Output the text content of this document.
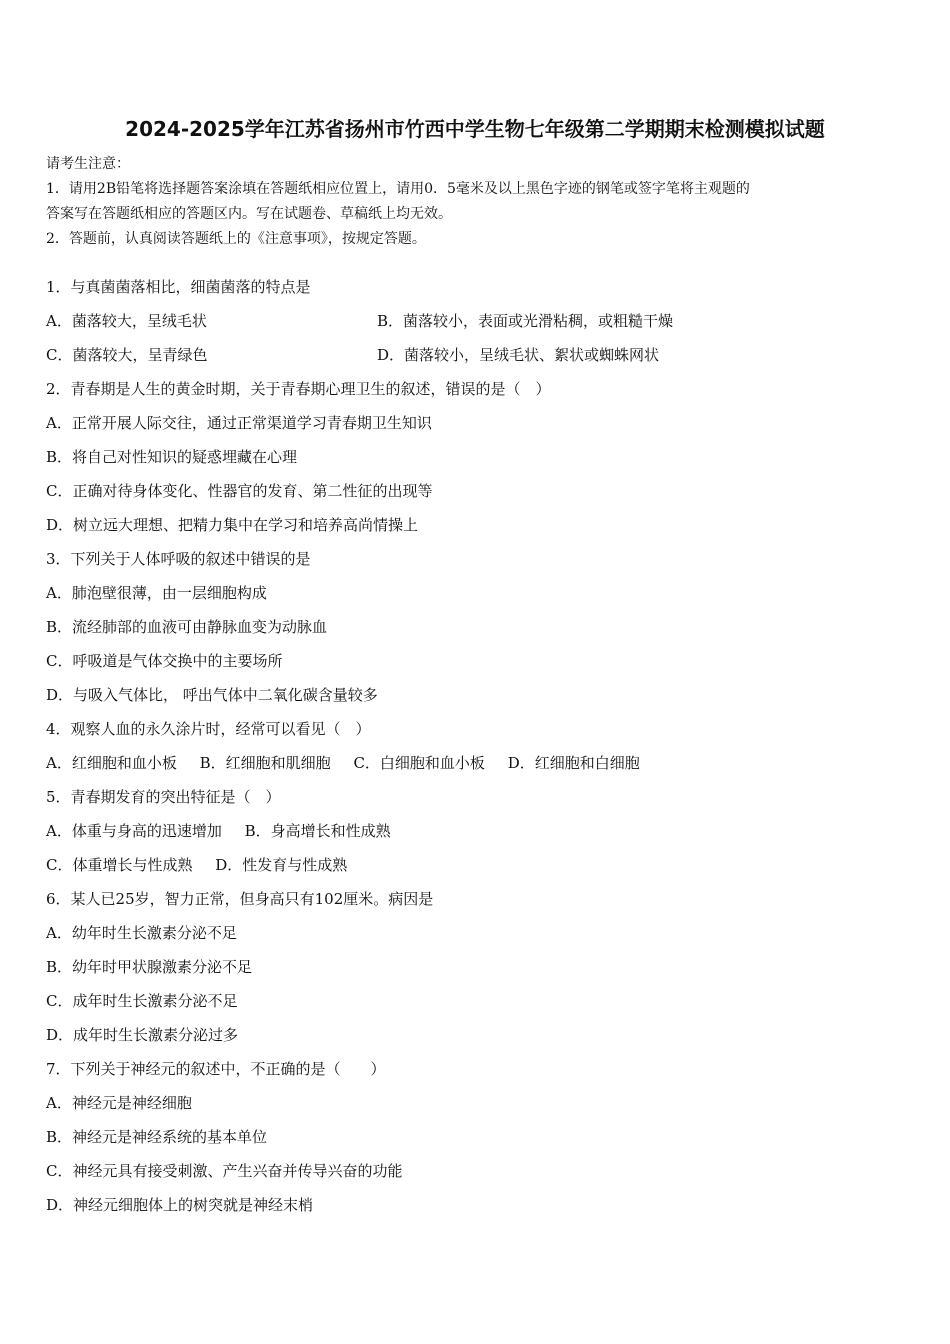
2024-2025学年江苏省扬州市竹西中学生物七年级第二学期期末检测模拟试题

请考生注意：

1．请用2B铅笔将选择题答案涂填在答题纸相应位置上，请用0．5毫米及以上黑色字迹的钢笔或签字笔将主观题的

答案写在答题纸相应的答题区内。写在试题卷、草稿纸上均无效。

2．答题前，认真阅读答题纸上的《注意事项》，按规定答题。

1．与真菌菌落相比，细菌菌落的特点是
A．菌落较大，呈绒毛状	B．菌落较小，表面或光滑粘稠，或粗糙干燥
C．菌落较大，呈青绿色	D．菌落较小，呈绒毛状、絮状或蜘蛛网状
2．青春期是人生的黄金时期，关于青春期心理卫生的叙述，错误的是（　）
A．正常开展人际交往，通过正常渠道学习青春期卫生知识
B．将自己对性知识的疑惑埋藏在心理
C．正确对待身体变化、性器官的发育、第二性征的出现等
D．树立远大理想、把精力集中在学习和培养高尚情操上
3．下列关于人体呼吸的叙述中错误的是
A．肺泡壁很薄，由一层细胞构成
B．流经肺部的血液可由静脉血变为动脉血
C．呼吸道是气体交换中的主要场所
D．与吸入气体比， 呼出气体中二氧化碳含量较多
4．观察人血的永久涂片时，经常可以看见（　）
A．红细胞和血小板 B．红细胞和肌细胞 C．白细胞和血小板 D．红细胞和白细胞
5．青春期发育的突出特征是（　）
A．体重与身高的迅速增加 B．身高增长和性成熟
C．体重增长与性成熟 D．性发育与性成熟
6．某人已25岁，智力正常，但身高只有102厘米。病因是
A．幼年时生长激素分泌不足
B．幼年时甲状腺激素分泌不足
C．成年时生长激素分泌不足
D．成年时生长激素分泌过多
7．下列关于神经元的叙述中，不正确的是（　　）
A．神经元是神经细胞
B．神经元是神经系统的基本单位
C．神经元具有接受刺激、产生兴奋并传导兴奋的功能
D．神经元细胞体上的树突就是神经末梢
